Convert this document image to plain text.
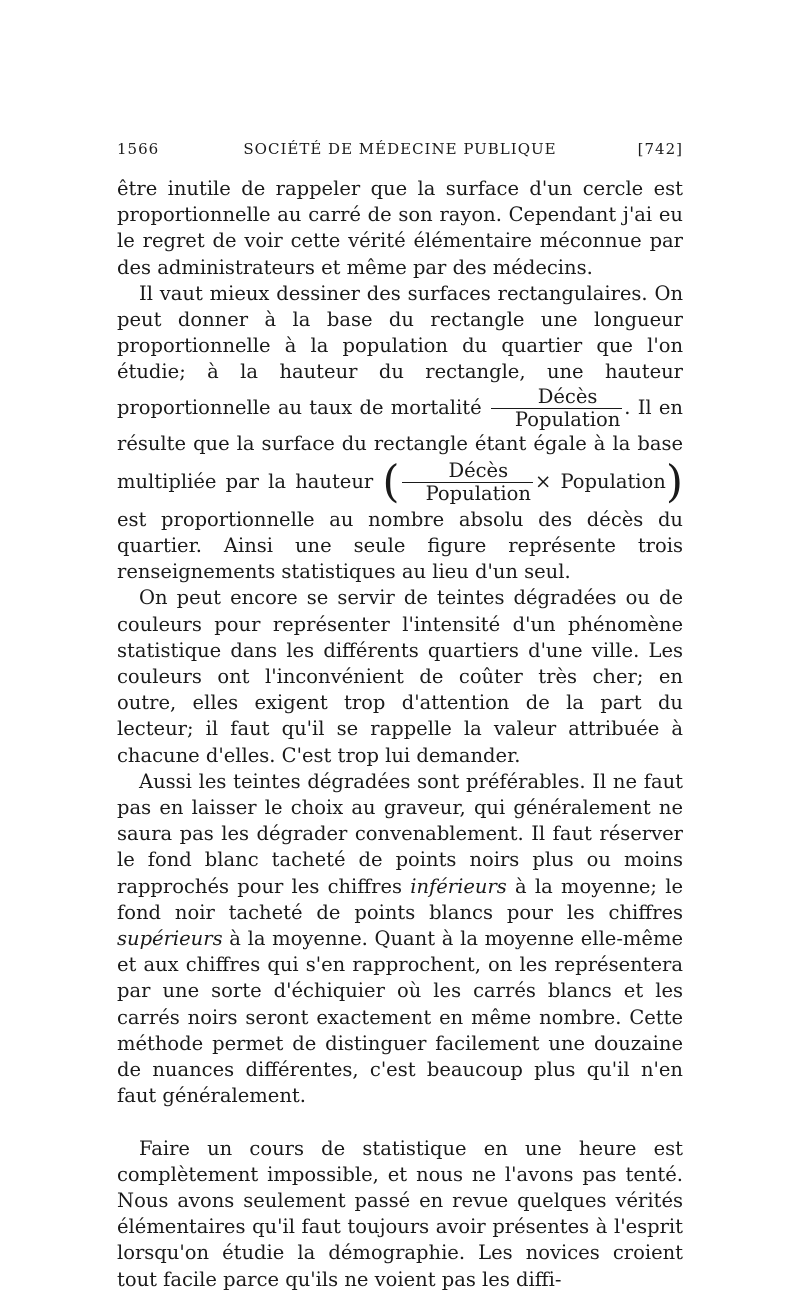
1566	SOCIÉTÉ DE MÉDECINE PUBLIQUE	[742]

être inutile de rappeler que la surface d'un cercle est proportionnelle au carré de son rayon. Cependant j'ai eu le regret de voir cette vérité élémentaire méconnue par des administrateurs et même par des médecins.

Il vaut mieux dessiner des surfaces rectangulaires. On peut donner à la base du rectangle une longueur proportionnelle à la population du quartier que l'on étudie; à la hauteur du rectangle, une hauteur proportionnelle au taux de mortalité $\frac{\text{Décès}}{\text{Population}}$ . Il en résulte que la surface du rectangle étant égale à la base multipliée par la hauteur ( $\frac{\text{Décès}}{\text{Population}}$ × Population) est proportionnelle au nombre absolu des décès du quartier. Ainsi une seule figure représente trois renseignements statistiques au lieu d'un seul.

On peut encore se servir de teintes dégradées ou de couleurs pour représenter l'intensité d'un phénomène statistique dans les différents quartiers d'une ville. Les couleurs ont l'inconvénient de coûter très cher; en outre, elles exigent trop d'attention de la part du lecteur; il faut qu'il se rappelle la valeur attribuée à chacune d'elles. C'est trop lui demander.

Aussi les teintes dégradées sont préférables. Il ne faut pas en laisser le choix au graveur, qui généralement ne saura pas les dégrader convenablement. Il faut réserver le fond blanc tacheté de points noirs plus ou moins rapprochés pour les chiffres inférieurs à la moyenne; le fond noir tacheté de points blancs pour les chiffres supérieurs à la moyenne. Quant à la moyenne elle-même et aux chiffres qui s'en rapprochent, on les représentera par une sorte d'échiquier où les carrés blancs et les carrés noirs seront exactement en même nombre. Cette méthode permet de distinguer facilement une douzaine de nuances différentes, c'est beaucoup plus qu'il n'en faut généralement.

Faire un cours de statistique en une heure est complètement impossible, et nous ne l'avons pas tenté. Nous avons seulement passé en revue quelques vérités élémentaires qu'il faut toujours avoir présentes à l'esprit lorsqu'on étudie la démographie. Les novices croient tout facile parce qu'ils ne voient pas les diffi-
